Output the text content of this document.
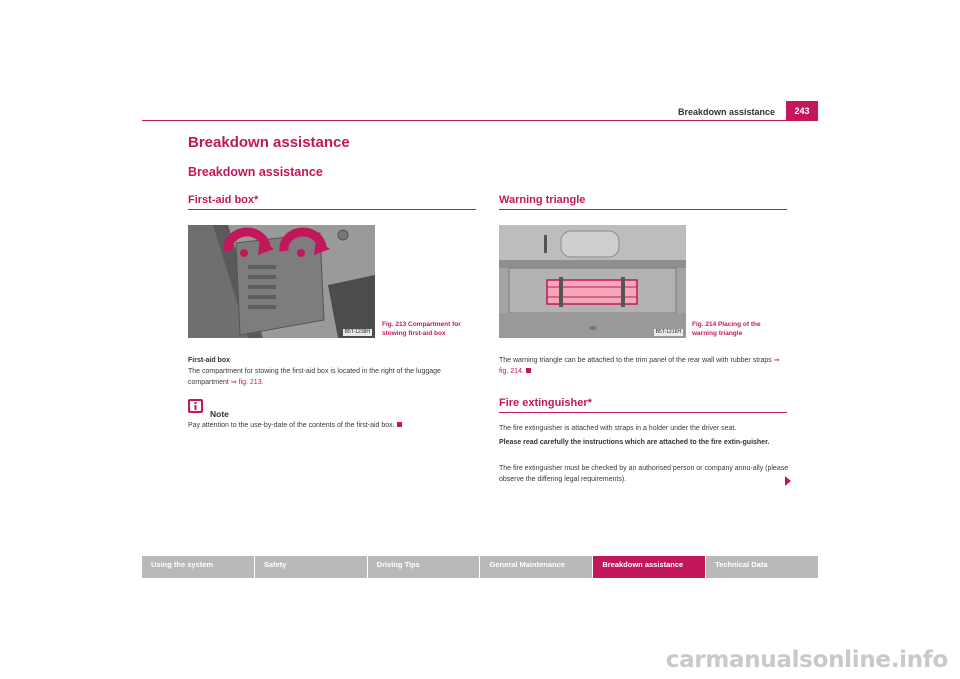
Breakdown assistance	243
Breakdown assistance
Breakdown assistance
First-aid box*
B5T-1238H
Fig. 213 Compartment for stowing first-aid box
First-aid box
The compartment for stowing the first-aid box is located in the right of the luggage compartment ⇒ fig. 213.
Note
Pay attention to the use-by-date of the contents of the first-aid box.
Warning triangle
B5T-1216H
Fig. 214 Placing of the warning triangle
The warning triangle can be attached to the trim panel of the rear wall with rubber straps ⇒ fig. 214.
Fire extinguisher*
The fire extinguisher is attached with straps in a holder under the driver seat.
Please read carefully the instructions which are attached to the fire extin-guisher.
The fire extinguisher must be checked by an authorised person or company annu-ally (please observe the differing legal requirements).
Using the system	Safety	Driving Tips	General Maintenance	Breakdown assistance	Technical Data
carmanualsonline.info
